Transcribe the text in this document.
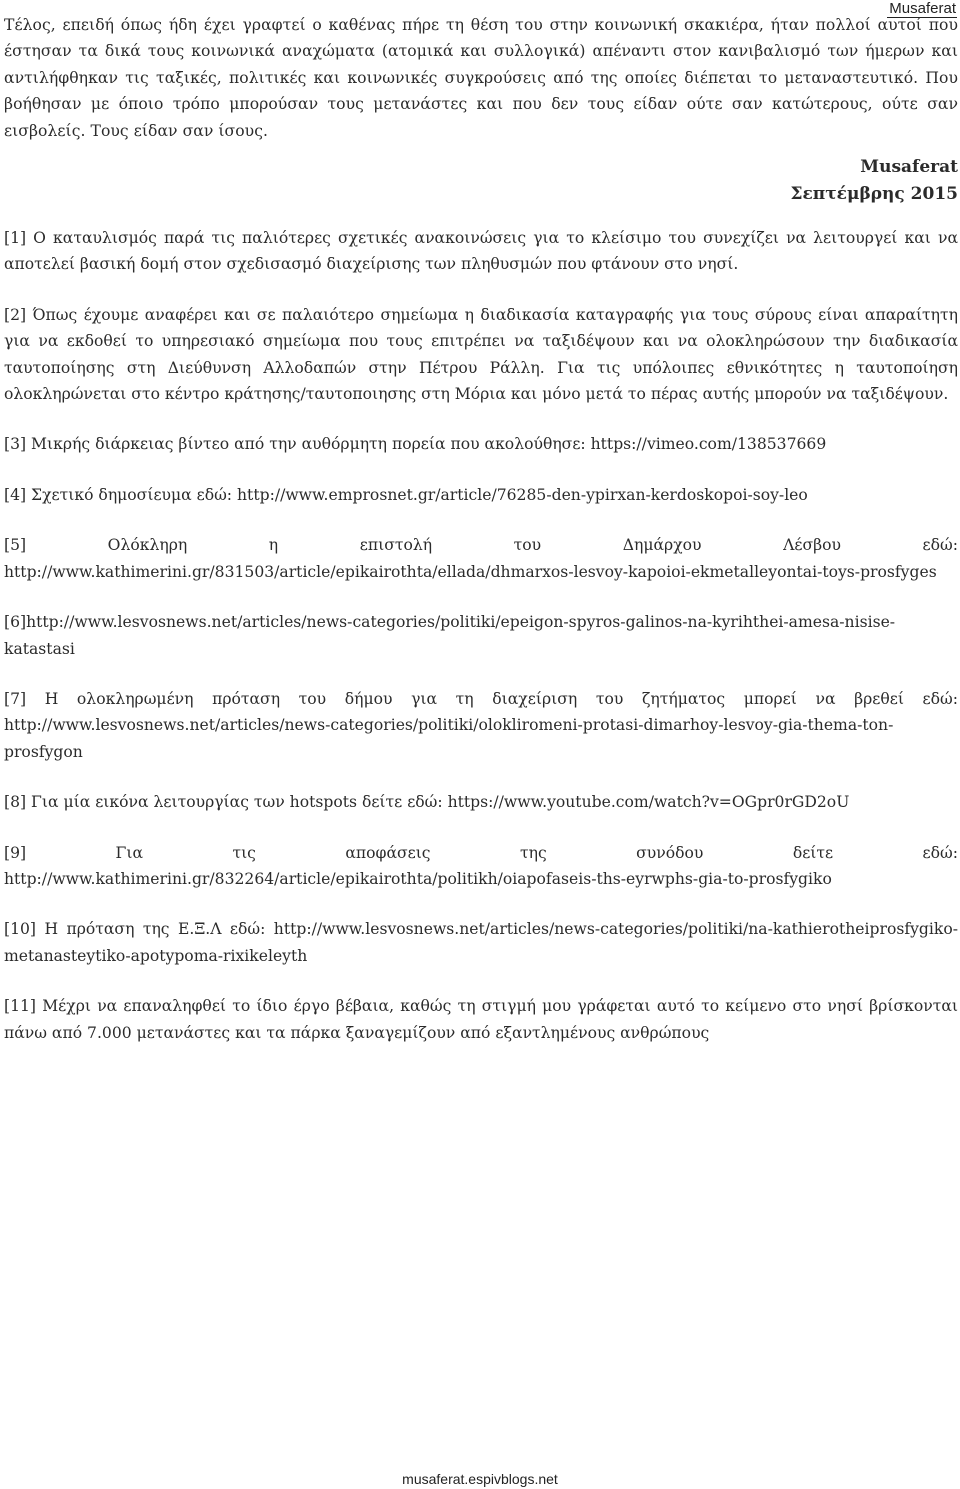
Musaferat

Τέλος, επειδή όπως ήδη έχει γραφτεί ο καθένας πήρε τη θέση του στην κοινωνική σκακιέρα, ήταν πολλοί αυτοί που έστησαν τα δικά τους κοινωνικά αναχώματα (ατομικά και συλλογικά) απέναντι στον κανιβαλισμό των ήμερων και αντιλήφθηκαν τις ταξικές, πολιτικές και κοινωνικές συγκρούσεις από της οποίες διέπεται το μεταναστευτικό. Που βοήθησαν με όποιο τρόπο μπορούσαν τους μετανάστες και που δεν τους είδαν ούτε σαν κατώτερους, ούτε σαν εισβολείς. Τους είδαν σαν ίσους.

Musaferat
Σεπτέμβρης 2015

[1] Ο καταυλισμός παρά τις παλιότερες σχετικές ανακοινώσεις για το κλείσιμο του συνεχίζει να λειτουργεί και να αποτελεί βασική δομή στον σχεδισασμό διαχείρισης των πληθυσμών που φτάνουν στο νησί.

[2] Όπως έχουμε αναφέρει και σε παλαιότερο σημείωμα η διαδικασία καταγραφής για τους σύρους είναι απαραίτητη για να εκδοθεί το υπηρεσιακό σημείωμα που τους επιτρέπει να ταξιδέψουν και να ολοκληρώσουν την διαδικασία ταυτοποίησης στη Διεύθυνση Αλλοδαπών στην Πέτρου Ράλλη. Για τις υπόλοιπες εθνικότητες η ταυτοποίηση ολοκληρώνεται στο κέντρο κράτησης/ταυτοποιησης στη Μόρια και μόνο μετά το πέρας αυτής μπορούν να ταξιδέψουν.

[3] Μικρής διάρκειας βίντεο από την αυθόρμητη πορεία που ακολούθησε: https://vimeo.com/138537669

[4] Σχετικό δημοσίευμα εδώ: http://www.emprosnet.gr/article/76285-den-ypirxan-kerdoskopoi-soy-leo

[5] Ολόκληρη η επιστολή του Δημάρχου Λέσβου εδώ: http://www.kathimerini.gr/831503/article/epikairothta/ellada/dhmarxos-lesvoy-kapoioi-ekmetalleyontai-toys-prosfyges

[6]http://www.lesvosnews.net/articles/news-categories/politiki/epeigon-spyros-galinos-na-kyrihthei-amesa-nisise-katastasi

[7] Η ολοκληρωμένη πρόταση του δήμου για τη διαχείριση του ζητήματος μπορεί να βρεθεί εδώ: http://www.lesvosnews.net/articles/news-categories/politiki/olokliromeni-protasi-dimarhoy-lesvoy-gia-thema-ton-prosfygon

[8] Για μία εικόνα λειτουργίας των hotspots δείτε εδώ: https://www.youtube.com/watch?v=OGpr0rGD2oU

[9] Για τις αποφάσεις της συνόδου δείτε εδώ: http://www.kathimerini.gr/832264/article/epikairothta/politikh/oiapofaseis-ths-eyrwphs-gia-to-prosfygiko

[10] Η πρόταση της Ε.Ξ.Λ εδώ: http://www.lesvosnews.net/articles/news-categories/politiki/na-kathierotheiprosfygiko-metanasteytiko-apotypoma-rixikeleyth

[11] Μέχρι να επαναληφθεί το ίδιο έργο βέβαια, καθώς τη στιγμή μου γράφεται αυτό το κείμενο στο νησί βρίσκονται πάνω από 7.000 μετανάστες και τα πάρκα ξαναγεμίζουν από εξαντλημένους ανθρώπους

musaferat.espivblogs.net
